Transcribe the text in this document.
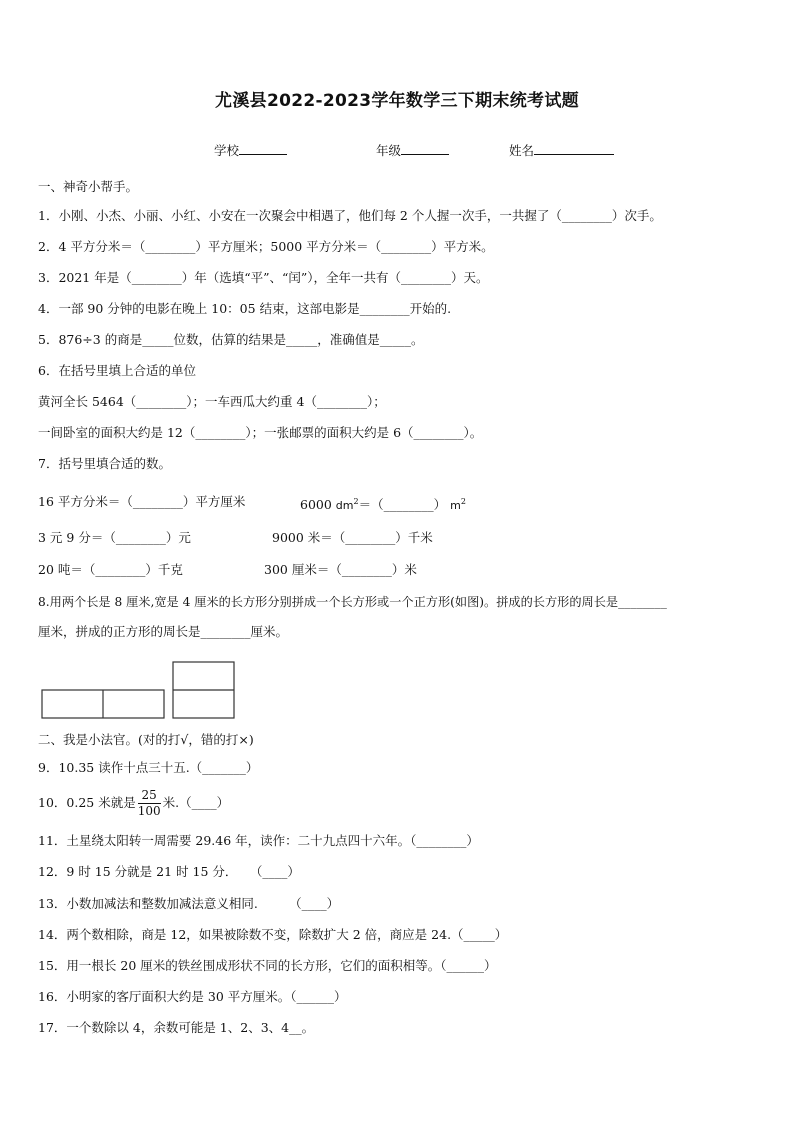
尤溪县2022-2023学年数学三下期末统考试题
学校	年级	姓名
一、神奇小帮手。
1．小刚、小杰、小丽、小红、小安在一次聚会中相遇了，他们每 2 个人握一次手，一共握了（________）次手。
2．4 平方分米＝（________）平方厘米；5000 平方分米＝（________）平方米。
3．2021 年是（________）年（选填“平”、“闰”），全年一共有（________）天。
4．一部 90 分钟的电影在晚上 10：05 结束，这部电影是________开始的.
5．876÷3 的商是_____位数，估算的结果是_____，准确值是_____。
6．在括号里填上合适的单位
黄河全长 5464（________）；一车西瓜大约重 4（________）；
一间卧室的面积大约是 12（________）；一张邮票的面积大约是 6（________）。
7．括号里填合适的数。
16 平方分米＝（________）平方厘米	6000 $dm^2=(\_\_\_\_\_\_\_\_)$ $m^2$
3 元 9 分＝（________）元	9000 米＝（________）千米
20 吨＝（________）千克	300 厘米＝（________）米
8.用两个长是 8 厘米,宽是 4 厘米的长方形分别拼成一个长方形或一个正方形(如图)。拼成的长方形的周长是________
厘米，拼成的正方形的周长是________厘米。
二、我是小法官。(对的打√，错的打×)
9．10.35 读作十点三十五.（_______）
10．0.25 米就是 $\frac{25}{100}$ 米.（____）
11．土星绕太阳转一周需要 29.46 年，读作：二十九点四十六年。（________）
12．9 时 15 分就是 21 时 15 分．　　（____）
13．小数加减法和整数加减法意义相同.　　　（____）
14．两个数相除，商是 12，如果被除数不变，除数扩大 2 倍，商应是 24.（_____）
15．用一根长 20 厘米的铁丝围成形状不同的长方形，它们的面积相等。（______）
16．小明家的客厅面积大约是 30 平方厘米。（______）
17．一个数除以 4，余数可能是 1、2、3、4__。
